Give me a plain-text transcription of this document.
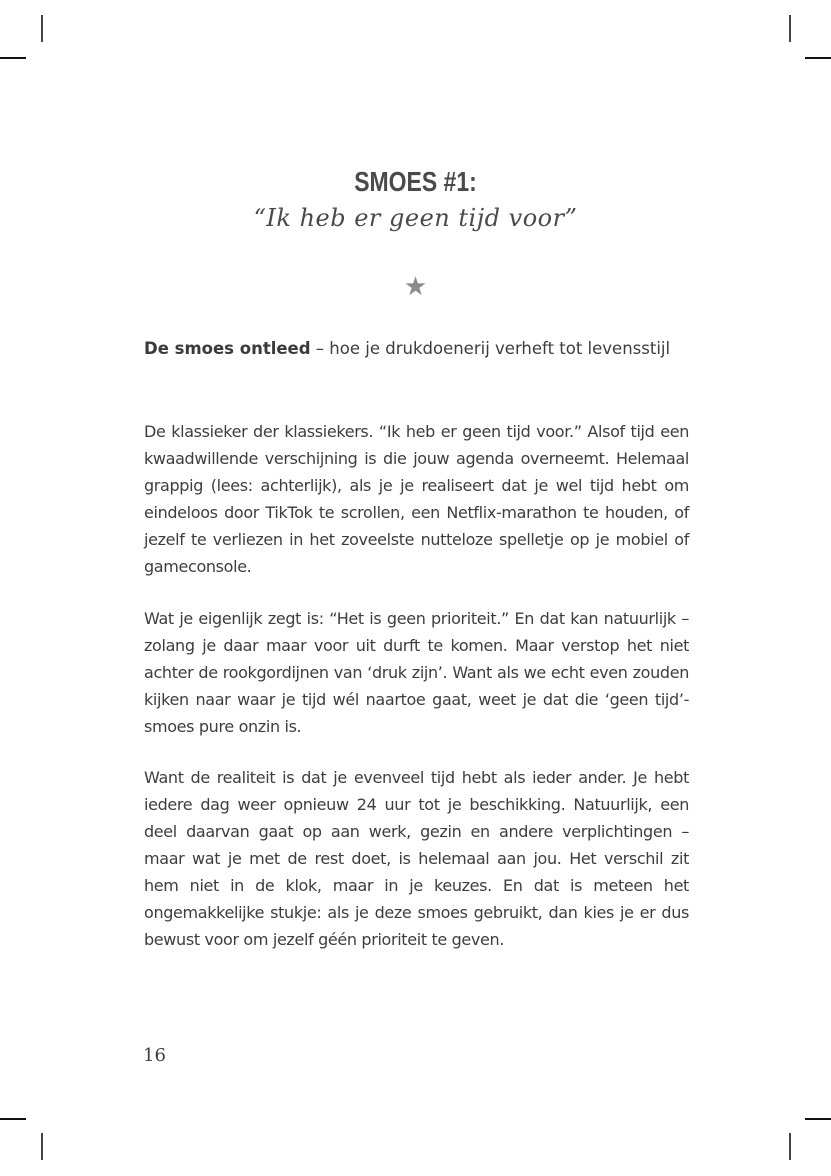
SMOES #1:
“Ik heb er geen tijd voor”
★
De smoes ontleed – hoe je drukdoenerij verheft tot levensstijl
De klassieker der klassiekers. “Ik heb er geen tijd voor.” Alsof tijd een kwaadwillende verschijning is die jouw agenda overneemt. Helemaal grappig (lees: achterlijk), als je je realiseert dat je wel tijd hebt om eindeloos door TikTok te scrollen, een Netflix-marathon te houden, of jezelf te verliezen in het zoveelste nutteloze spelletje op je mobiel of gameconsole.
Wat je eigenlijk zegt is: “Het is geen prioriteit.” En dat kan natuurlijk – zolang je daar maar voor uit durft te komen. Maar verstop het niet achter de rookgordijnen van ‘druk zijn’. Want als we echt even zouden kijken naar waar je tijd wél naartoe gaat, weet je dat die ‘geen tijd’-smoes pure onzin is.
Want de realiteit is dat je evenveel tijd hebt als ieder ander. Je hebt iedere dag weer opnieuw 24 uur tot je beschikking. Natuurlijk, een deel daarvan gaat op aan werk, gezin en andere verplichtingen – maar wat je met de rest doet, is helemaal aan jou. Het verschil zit hem niet in de klok, maar in je keuzes. En dat is meteen het ongemakkelijke stukje: als je deze smoes gebruikt, dan kies je er dus bewust voor om jezelf géén prioriteit te geven.
16
